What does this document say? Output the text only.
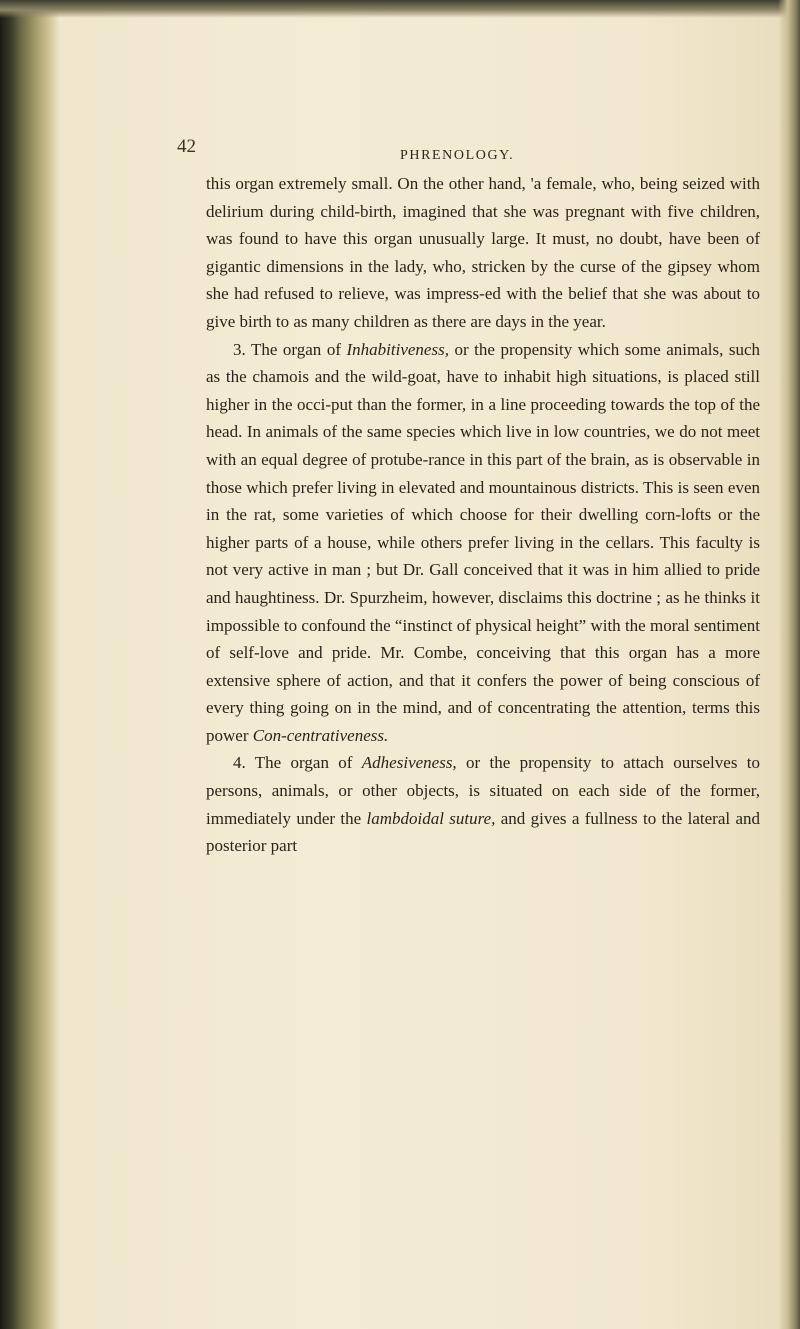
42	PHRENOLOGY.

this organ extremely small. On the other hand, 'a female, who, being seized with delirium during child-birth, imagined that she was pregnant with five children, was found to have this organ unusually large. It must, no doubt, have been of gigantic dimensions in the lady, who, stricken by the curse of the gipsey whom she had refused to relieve, was impress-ed with the belief that she was about to give birth to as many children as there are days in the year.

3. The organ of Inhabitiveness, or the propensity which some animals, such as the chamois and the wild-goat, have to inhabit high situations, is placed still higher in the occi-put than the former, in a line proceeding towards the top of the head. In animals of the same species which live in low countries, we do not meet with an equal degree of protube-rance in this part of the brain, as is observable in those which prefer living in elevated and mountainous districts. This is seen even in the rat, some varieties of which choose for their dwelling corn-lofts or the higher parts of a house, while others prefer living in the cellars. This faculty is not very active in man ; but Dr. Gall conceived that it was in him allied to pride and haughtiness. Dr. Spurzheim, however, disclaims this doctrine ; as he thinks it impossible to confound the “instinct of physical height” with the moral sentiment of self-love and pride. Mr. Combe, conceiving that this organ has a more extensive sphere of action, and that it confers the power of being conscious of every thing going on in the mind, and of concentrating the attention, terms this power Con-centrativeness.

4. The organ of Adhesiveness, or the propensity to attach ourselves to persons, animals, or other objects, is situated on each side of the former, immediately under the lambdoidal suture, and gives a fullness to the lateral and posterior part
